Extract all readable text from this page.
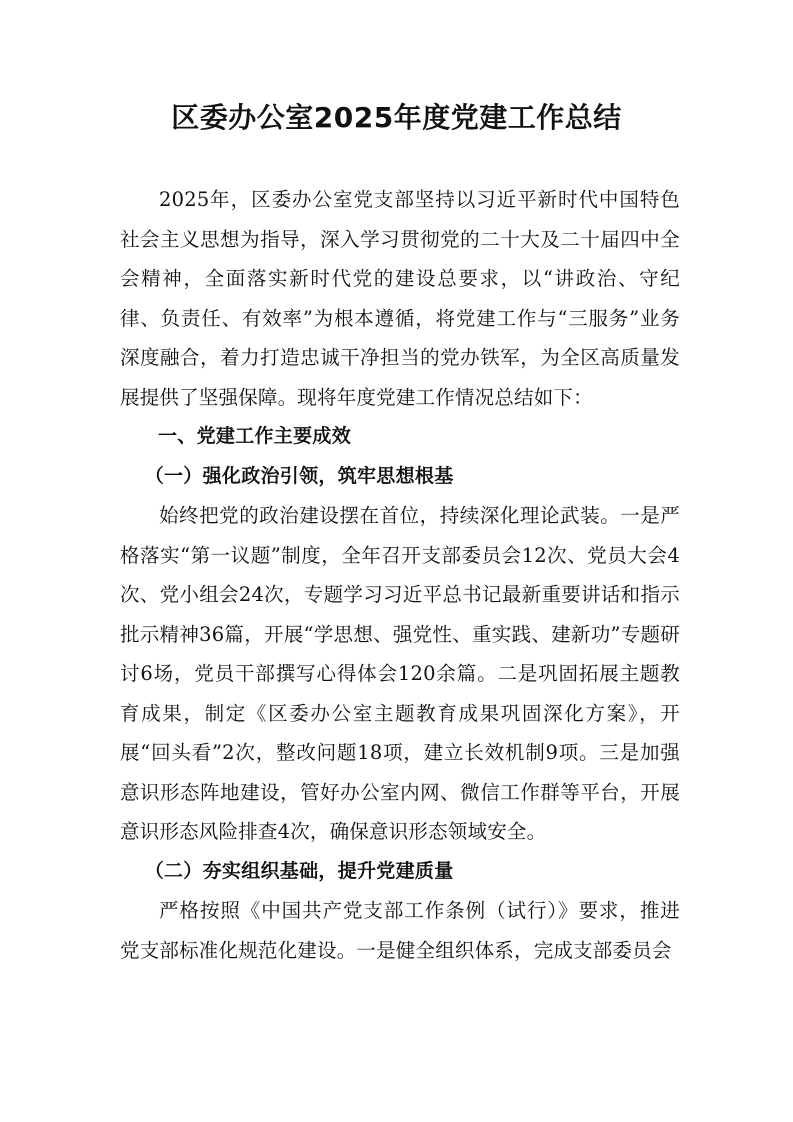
区委办公室2025年度党建工作总结

2025年，区委办公室党支部坚持以习近平新时代中国特色社会主义思想为指导，深入学习贯彻党的二十大及二十届四中全会精神，全面落实新时代党的建设总要求，以“讲政治、守纪律、负责任、有效率”为根本遵循，将党建工作与“三服务”业务深度融合，着力打造忠诚干净担当的党办铁军，为全区高质量发展提供了坚强保障。现将年度党建工作情况总结如下：

一、党建工作主要成效

（一）强化政治引领，筑牢思想根基

始终把党的政治建设摆在首位，持续深化理论武装。一是严格落实“第一议题”制度，全年召开支部委员会12次、党员大会4次、党小组会24次，专题学习习近平总书记最新重要讲话和指示批示精神36篇，开展“学思想、强党性、重实践、建新功”专题研讨6场，党员干部撰写心得体会120余篇。二是巩固拓展主题教育成果，制定《区委办公室主题教育成果巩固深化方案》，开展“回头看”2次，整改问题18项，建立长效机制9项。三是加强意识形态阵地建设，管好办公室内网、微信工作群等平台，开展意识形态风险排查4次，确保意识形态领域安全。

（二）夯实组织基础，提升党建质量

严格按照《中国共产党支部工作条例（试行）》要求，推进党支部标准化规范化建设。一是健全组织体系，完成支部委员会
